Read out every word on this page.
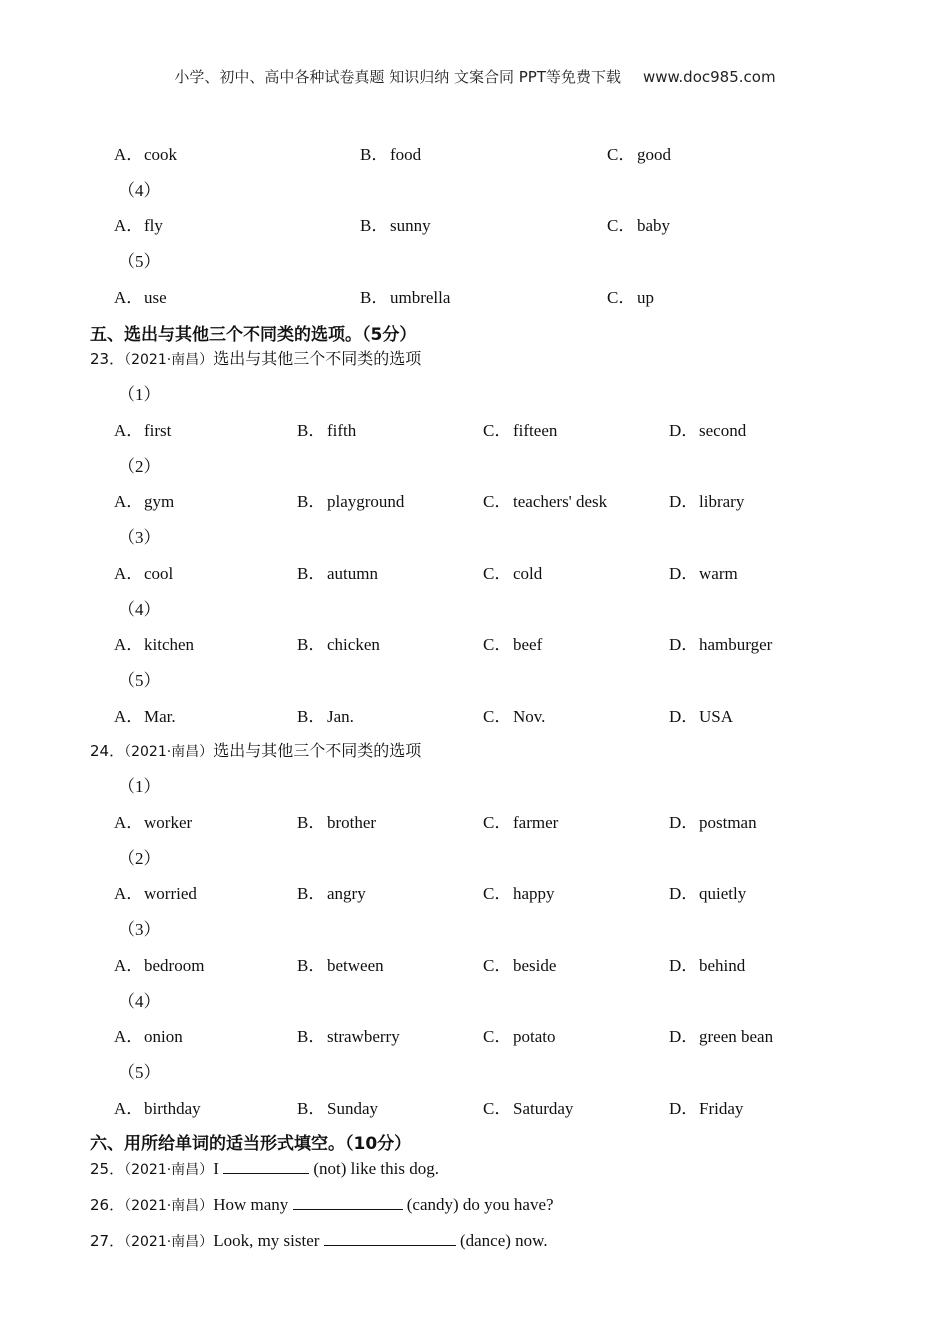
小学、初中、高中各种试卷真题 知识归纳 文案合同 PPT等免费下载 www.doc985.com
A．cook	B．food	C．good
（4）
A．fly	B．sunny	C．baby
（5）
A．use	B．umbrella	C．up
五、选出与其他三个不同类的选项。（5分）
23．（2021·南昌）选出与其他三个不同类的选项
（1）
A．first	B．fifth	C．fifteen	D．second
（2）
A．gym	B．playground	C．teachers' desk	D．library
（3）
A．cool	B．autumn	C．cold	D．warm
（4）
A．kitchen	B．chicken	C．beef	D．hamburger
（5）
A．Mar.	B．Jan.	C．Nov.	D．USA
24．（2021·南昌）选出与其他三个不同类的选项
（1）
A．worker	B．brother	C．farmer	D．postman
（2）
A．worried	B．angry	C．happy	D．quietly
（3）
A．bedroom	B．between	C．beside	D．behind
（4）
A．onion	B．strawberry	C．potato	D．green bean
（5）
A．birthday	B．Sunday	C．Saturday	D．Friday
六、用所给单词的适当形式填空。（10分）
25．（2021·南昌）I	(not) like this dog.
26．（2021·南昌）How many	(candy) do you have?
27．（2021·南昌）Look, my sister	(dance) now.
